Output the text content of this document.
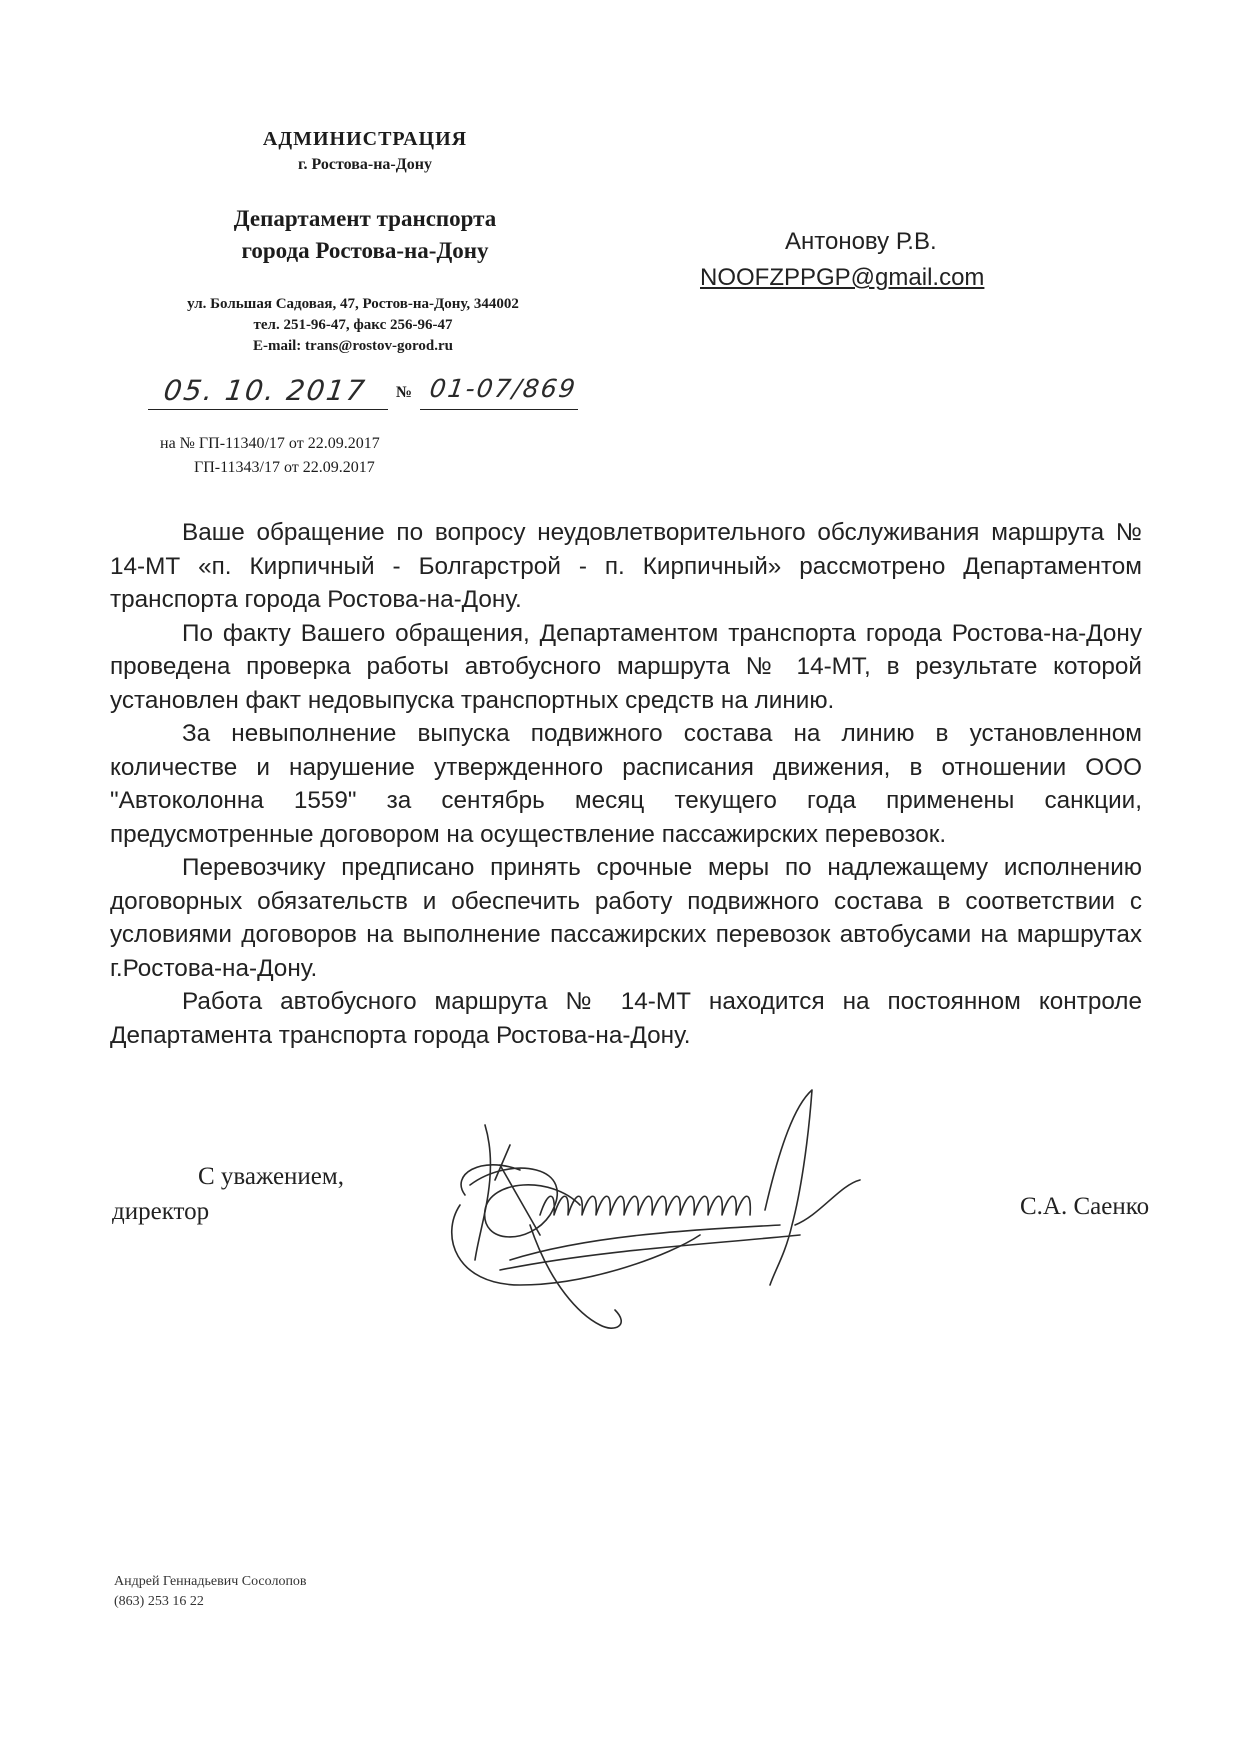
АДМИНИСТРАЦИЯ
г. Ростова-на-Дону
Департамент транспорта
города Ростова-на-Дону
ул. Большая Садовая, 47, Ростов-на-Дону, 344002
тел. 251-96-47, факс 256-96-47
E-mail: trans@rostov-gorod.ru
05. 10. 2017 № 01-07/869
на № ГП-11340/17 от 22.09.2017
ГП-11343/17 от 22.09.2017
Антонову Р.В.
NOOFZPPGP@gmail.com

Ваше обращение по вопросу неудовлетворительного обслуживания маршрута № 14-МТ «п. Кирпичный - Болгарстрой - п. Кирпичный» рассмотрено Департаментом транспорта города Ростова-на-Дону.

По факту Вашего обращения, Департаментом транспорта города Ростова-на-Дону проведена проверка работы автобусного маршрута № 14-МТ, в результате которой установлен факт недовыпуска транспортных средств на линию.

За невыполнение выпуска подвижного состава на линию в установленном количестве и нарушение утвержденного расписания движения, в отношении ООО "Автоколонна 1559" за сентябрь месяц текущего года применены санкции, предусмотренные договором на осуществление пассажирских перевозок.

Перевозчику предписано принять срочные меры по надлежащему исполнению договорных обязательств и обеспечить работу подвижного состава в соответствии с условиями договоров на выполнение пассажирских перевозок автобусами на маршрутах г.Ростова-на-Дону.

Работа автобусного маршрута № 14-МТ находится на постоянном контроле Департамента транспорта города Ростова-на-Дону.

С уважением,
директор	С.А. Саенко
Андрей Геннадьевич Сосолопов
(863) 253 16 22
